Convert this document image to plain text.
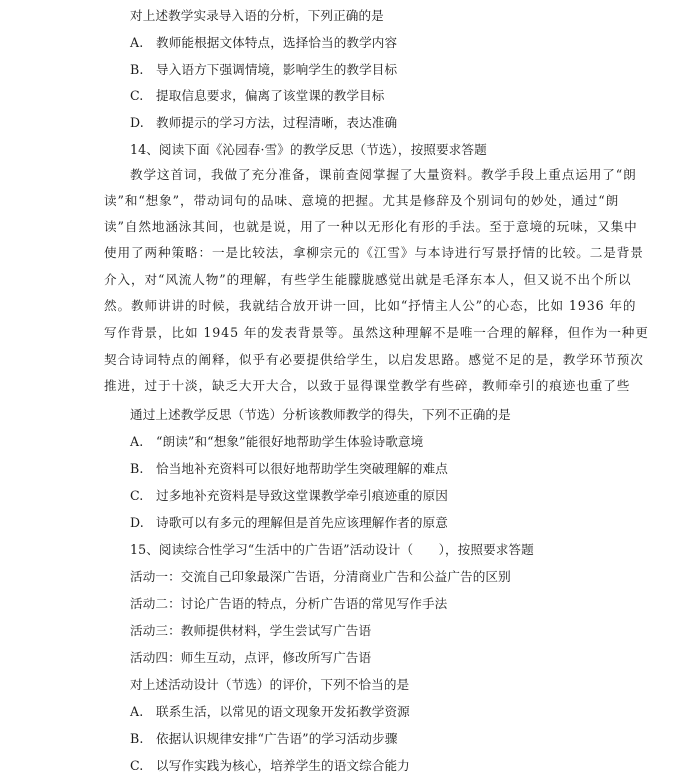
对上述教学实录导入语的分析，下列正确的是

A. 教师能根据文体特点，选择恰当的教学内容

B. 导入语方下强调情境，影响学生的教学目标

C. 提取信息要求，偏离了该堂课的教学目标

D. 教师提示的学习方法，过程清晰，表达准确

14、阅读下面《沁园春·雪》的教学反思（节选），按照要求答题

教学这首词，我做了充分准备，课前查阅掌握了大量资料。教学手段上重点运用了“朗

读”和“想象”，带动词句的品味、意境的把握。尤其是修辞及个别词句的妙处，通过“朗

读”自然地涵泳其间，也就是说，用了一种以无形化有形的手法。至于意境的玩味，又集中

使用了两种策略：一是比较法，拿柳宗元的《江雪》与本诗进行写景抒情的比较。二是背景

介入，对“风流人物”的理解，有些学生能朦胧感觉出就是毛泽东本人，但又说不出个所以

然。教师讲讲的时候，我就结合放开讲一回，比如“抒情主人公”的心态，比如 1936 年的

写作背景，比如 1945 年的发表背景等。虽然这种理解不是唯一合理的解释，但作为一种更

契合诗词特点的阐释，似乎有必要提供给学生，以启发思路。感觉不足的是，教学环节预次

推进，过于十淡，缺乏大开大合，以致于显得课堂教学有些碎，教师牵引的痕迹也重了些

通过上述教学反思（节选）分析该教师教学的得失，下列不正确的是

A. “朗读”和“想象”能很好地帮助学生体验诗歌意境

B. 恰当地补充资料可以很好地帮助学生突破理解的难点

C. 过多地补充资料是导致这堂课教学牵引痕迹重的原因

D. 诗歌可以有多元的理解但是首先应该理解作者的原意

15、阅读综合性学习“生活中的广告语”活动设计（　　），按照要求答题

活动一：交流自己印象最深广告语，分清商业广告和公益广告的区别

活动二：讨论广告语的特点，分析广告语的常见写作手法

活动三：教师提供材料，学生尝试写广告语

活动四：师生互动，点评，修改所写广告语

对上述活动设计（节选）的评价，下列不恰当的是

A. 联系生活，以常见的语文现象开发拓教学资源

B. 依据认识规律安排“广告语”的学习活动步骤

C. 以写作实践为核心，培养学生的语文综合能力
